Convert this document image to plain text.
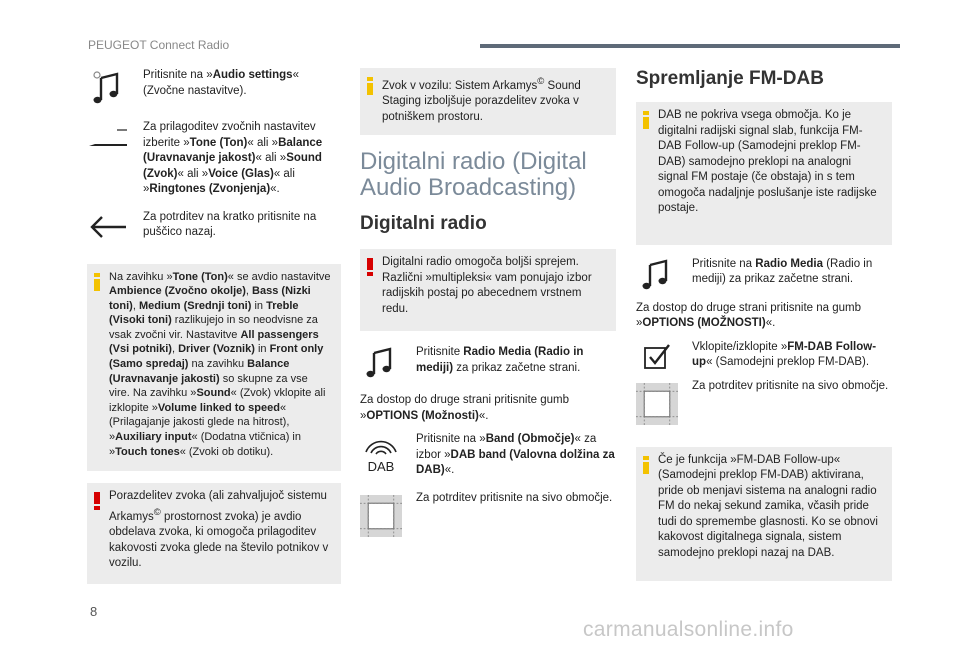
PEUGEOT Connect Radio
Pritisnite na »Audio settings« (Zvočne nastavitve).
Za prilagoditev zvočnih nastavitev izberite »Tone (Ton)« ali »Balance (Uravnavanje jakost)« ali »Sound (Zvok)« ali »Voice (Glas)« ali »Ringtones (Zvonjenja)«.
Za potrditev na kratko pritisnite na puščico nazaj.
Na zavihku »Tone (Ton)« se avdio nastavitve Ambience (Zvočno okolje), Bass (Nizki toni), Medium (Srednji toni) in Treble (Visoki toni) razlikujejo in so neodvisne za vsak zvočni vir. Nastavitve All passengers (Vsi potniki), Driver (Voznik) in Front only (Samo spredaj) na zavihku Balance (Uravnavanje jakosti) so skupne za vse vire. Na zavihku »Sound« (Zvok) vklopite ali izklopite »Volume linked to speed« (Prilagajanje jakosti glede na hitrost), »Auxiliary input« (Dodatna vtičnica) in »Touch tones« (Zvoki ob dotiku).
Porazdelitev zvoka (ali zahvaljujoč sistemu Arkamys© prostornost zvoka) je avdio obdelava zvoka, ki omogoča prilagoditev kakovosti zvoka glede na število potnikov v vozilu.
Zvok v vozilu: Sistem Arkamys© Sound Staging izboljšuje porazdelitev zvoka v potniškem prostoru.
Digitalni radio (Digital Audio Broadcasting)
Digitalni radio
Digitalni radio omogoča boljši sprejem. Različni »multipleksi« vam ponujajo izbor radijskih postaj po abecednem vrstnem redu.
Pritisnite Radio Media (Radio in mediji) za prikaz začetne strani.
Za dostop do druge strani pritisnite gumb »OPTIONS (Možnosti)«.
DAB
Pritisnite na »Band (Območje)« za izbor »DAB band (Valovna dolžina za DAB)«.
Za potrditev pritisnite na sivo območje.
Spremljanje FM-DAB
DAB ne pokriva vsega območja. Ko je digitalni radijski signal slab, funkcija FM-DAB Follow-up (Samodejni preklop FM-DAB) samodejno preklopi na analogni signal FM postaje (če obstaja) in s tem omogoča nadaljnje poslušanje iste radijske postaje.
Pritisnite na Radio Media (Radio in mediji) za prikaz začetne strani.
Za dostop do druge strani pritisnite na gumb »OPTIONS (MOŽNOSTI)«.
Vklopite/izklopite »FM-DAB Follow-up« (Samodejni preklop FM-DAB).
Za potrditev pritisnite na sivo območje.
Če je funkcija »FM-DAB Follow-up« (Samodejni preklop FM-DAB) aktivirana, pride ob menjavi sistema na analogni radio FM do nekaj sekund zamika, včasih pride tudi do spremembe glasnosti. Ko se obnovi kakovost digitalnega signala, sistem samodejno preklopi nazaj na DAB.
8
carmanualsonline.info
